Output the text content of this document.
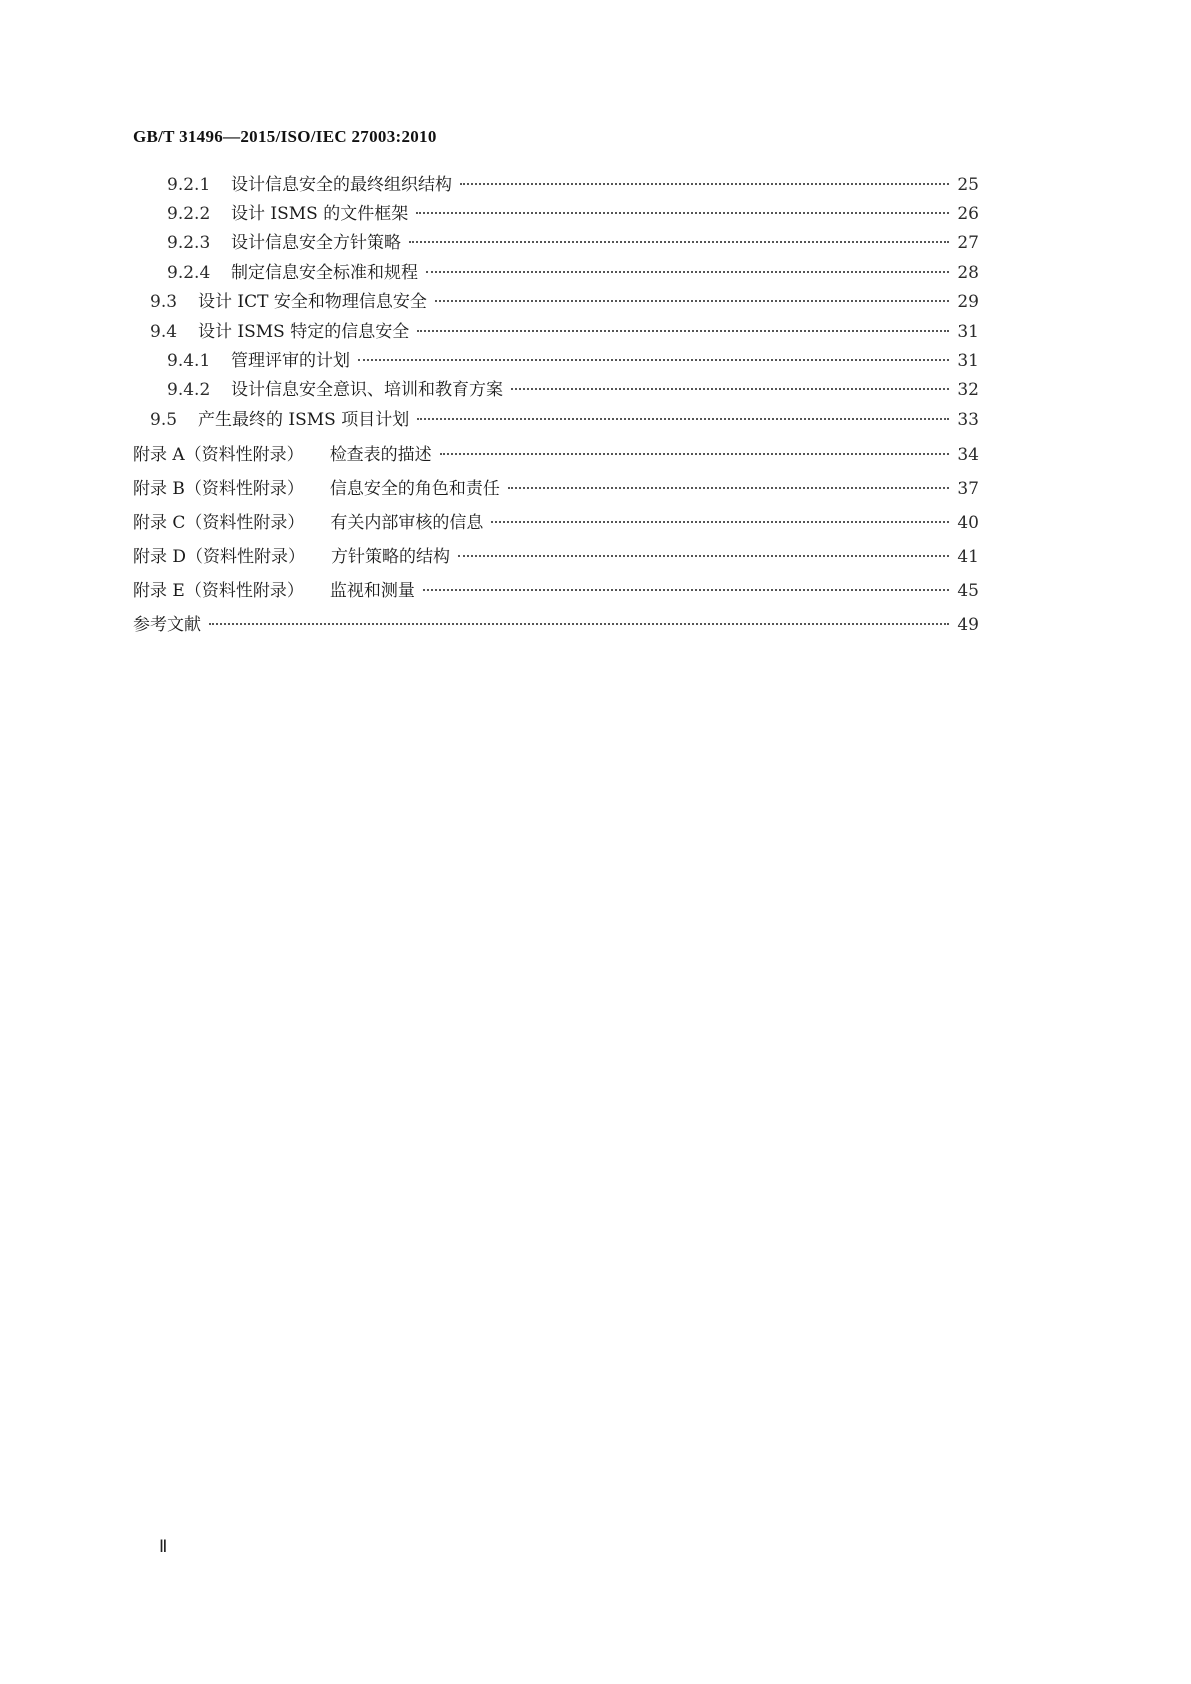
GB/T 31496—2015/ISO/IEC 27003:2010
9.2.1	设计信息安全的最终组织结构	25
9.2.2	设计 ISMS 的文件框架	26
9.2.3	设计信息安全方针策略	27
9.2.4	制定信息安全标准和规程	28
9.3	设计 ICT 安全和物理信息安全	29
9.4	设计 ISMS 特定的信息安全	31
9.4.1	管理评审的计划	31
9.4.2	设计信息安全意识、培训和教育方案	32
9.5	产生最终的 ISMS 项目计划	33
附录 A（资料性附录） 检查表的描述	34
附录 B（资料性附录） 信息安全的角色和责任	37
附录 C（资料性附录） 有关内部审核的信息	40
附录 D（资料性附录） 方针策略的结构	41
附录 E（资料性附录） 监视和测量	45
参考文献	49
Ⅱ
